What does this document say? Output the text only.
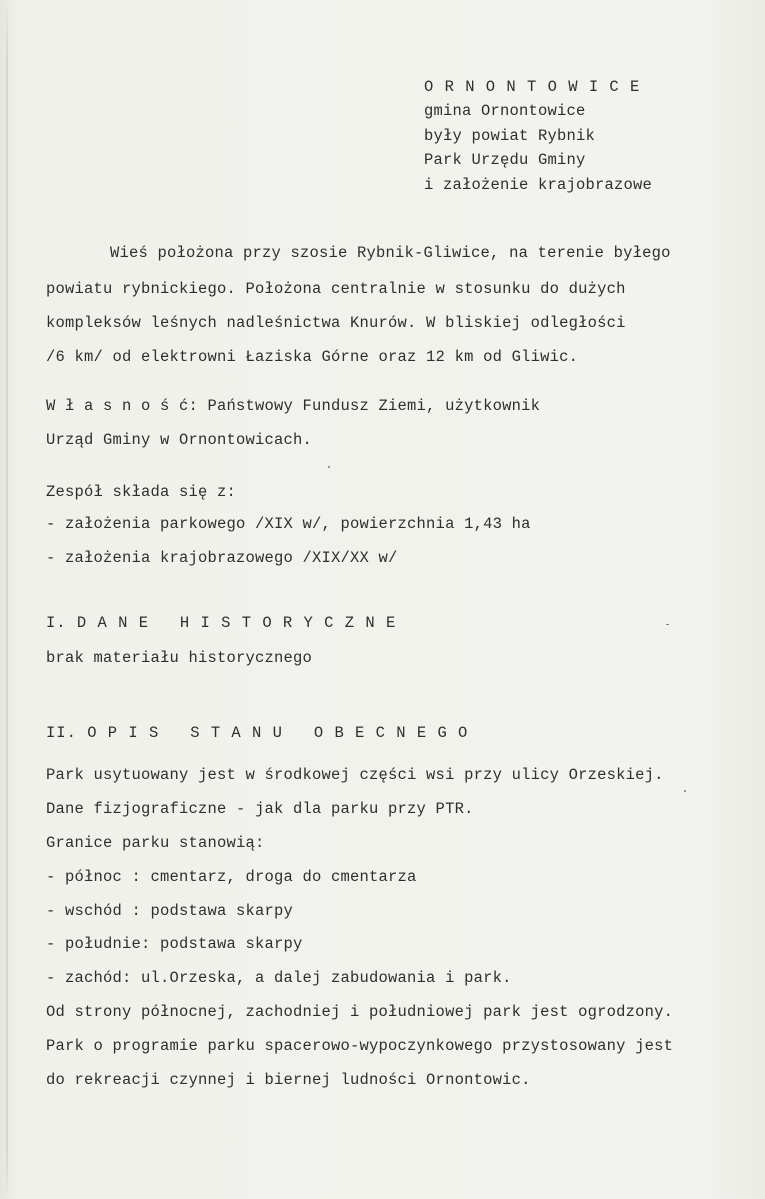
O R N O N T O W I C E
gmina Ornontowice
były powiat Rybnik
Park Urzędu Gminy
i założenie krajobrazowe
Wieś położona przy szosie Rybnik-Gliwice, na terenie byłego
powiatu rybnickiego. Położona centralnie w stosunku do dużych
kompleksów leśnych nadleśnictwa Knurów. W bliskiej odległości
/6 km/ od elektrowni Łaziska Górne oraz 12 km od Gliwic.
W ł a s n o ś ć: Państwowy Fundusz Ziemi, użytkownik
Urząd Gminy w Ornontowicach.
Zespół składa się z:
- założenia parkowego /XIX w/, powierzchnia 1,43 ha
- założenia krajobrazowego /XIX/XX w/
I. D A N E   H I S T O R Y C Z N E
brak materiału historycznego
II. O P I S   S T A N U   O B E C N E G O
Park usytuowany jest w środkowej części wsi przy ulicy Orzeskiej.
Dane fizjograficzne - jak dla parku przy PTR.
Granice parku stanowią:
- północ : cmentarz, droga do cmentarza
- wschód : podstawa skarpy
- południe: podstawa skarpy
- zachód: ul.Orzeska, a dalej zabudowania i park.
Od strony północnej, zachodniej i południowej park jest ogrodzony.
Park o programie parku spacerowo-wypoczynkowego przystosowany jest
do rekreacji czynnej i biernej ludności Ornontowic.
